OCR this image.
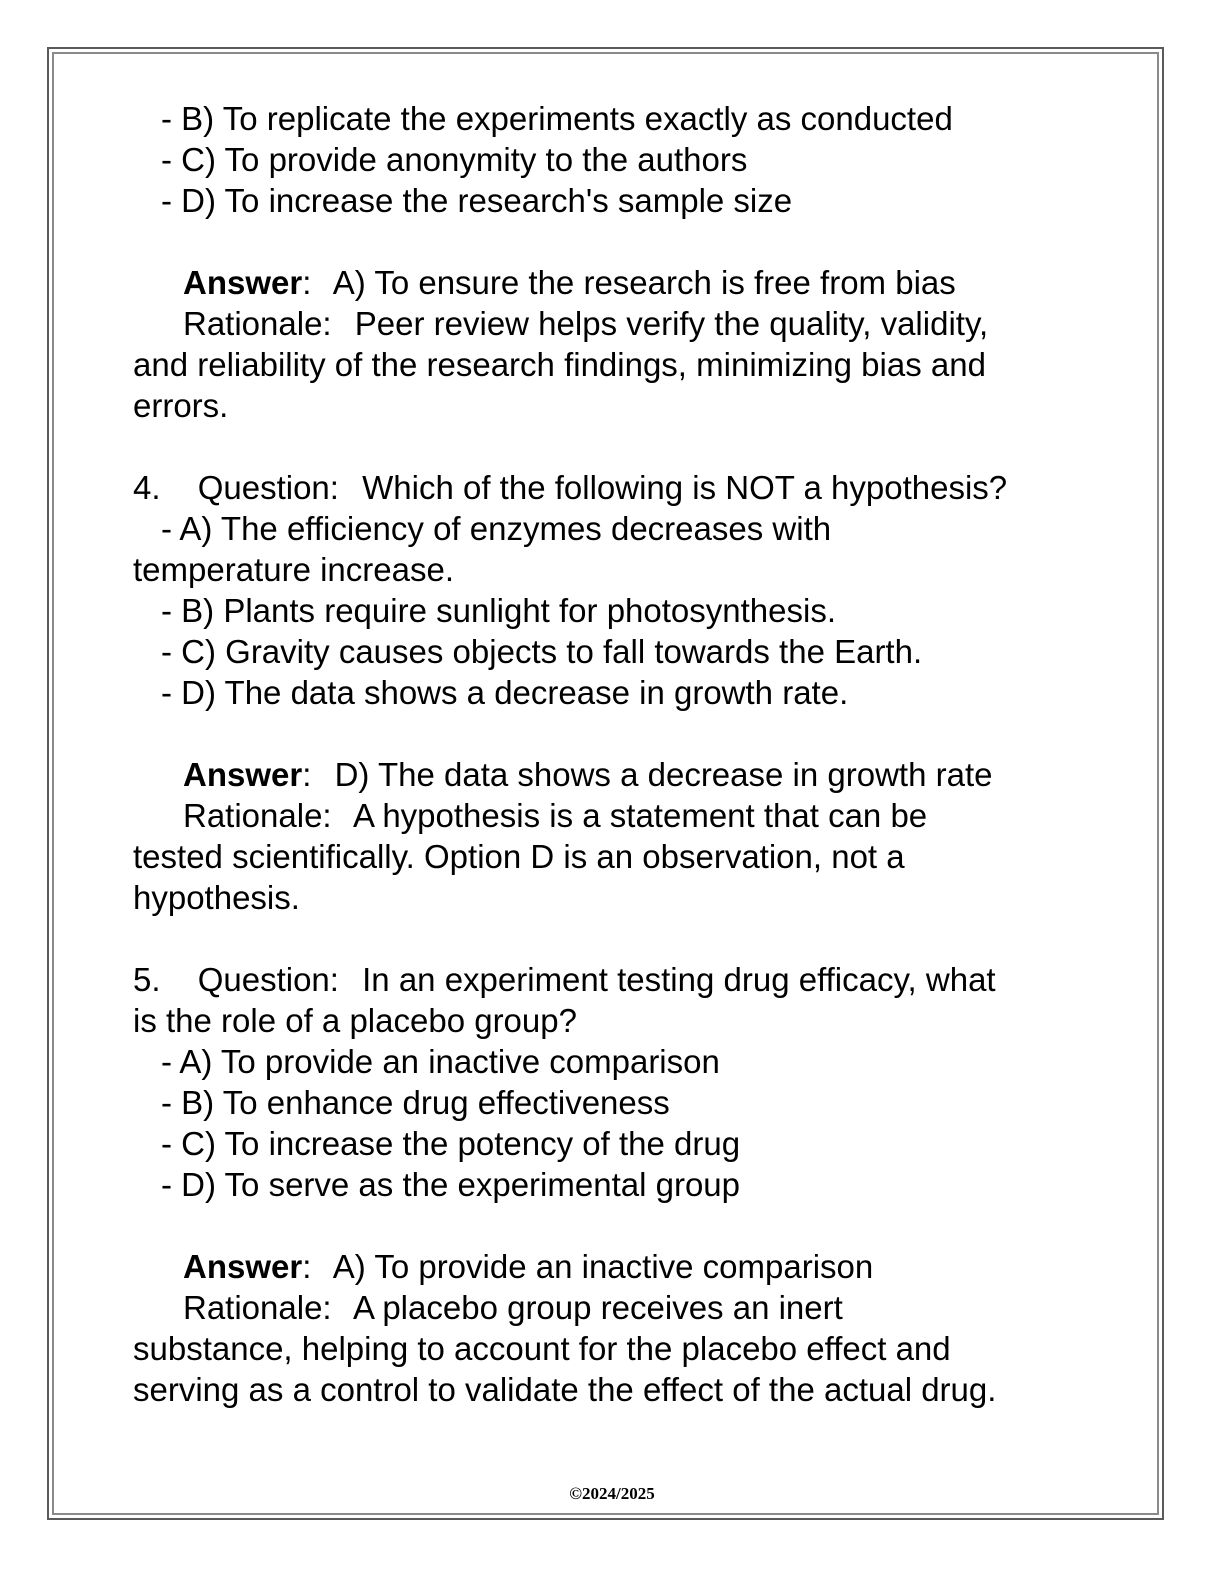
- B) To replicate the experiments exactly as conducted
- C) To provide anonymity to the authors
- D) To increase the research's sample size
Answer: A) To ensure the research is free from bias
Rationale: Peer review helps verify the quality, validity,
and reliability of the research findings, minimizing bias and
errors.
4. Question: Which of the following is NOT a hypothesis?
- A) The efficiency of enzymes decreases with
temperature increase.
- B) Plants require sunlight for photosynthesis.
- C) Gravity causes objects to fall towards the Earth.
- D) The data shows a decrease in growth rate.
Answer: D) The data shows a decrease in growth rate
Rationale: A hypothesis is a statement that can be
tested scientifically. Option D is an observation, not a
hypothesis.
5. Question: In an experiment testing drug efficacy, what
is the role of a placebo group?
- A) To provide an inactive comparison
- B) To enhance drug effectiveness
- C) To increase the potency of the drug
- D) To serve as the experimental group
Answer: A) To provide an inactive comparison
Rationale: A placebo group receives an inert
substance, helping to account for the placebo effect and
serving as a control to validate the effect of the actual drug.
©2024/2025
